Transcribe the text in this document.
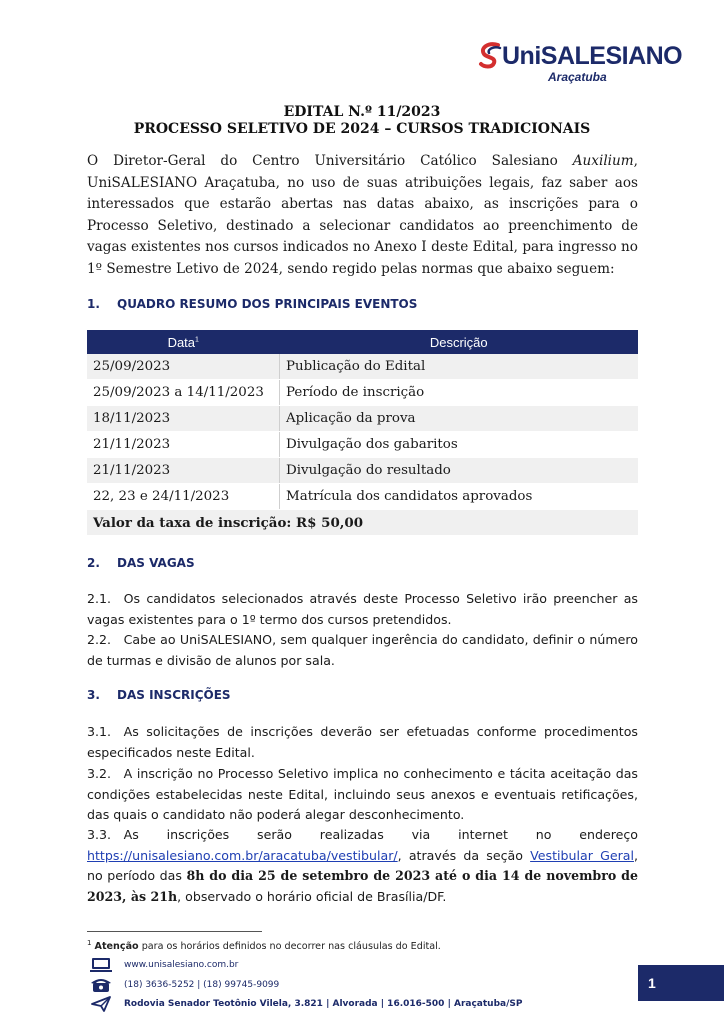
UniSALESIANO
Araçatuba
EDITAL N.º 11/2023
PROCESSO SELETIVO DE 2024 – CURSOS TRADICIONAIS
O Diretor-Geral do Centro Universitário Católico Salesiano Auxilium, UniSALESIANO Araçatuba, no uso de suas atribuições legais, faz saber aos interessados que estarão abertas nas datas abaixo, as inscrições para o Processo Seletivo, destinado a selecionar candidatos ao preenchimento de vagas existentes nos cursos indicados no Anexo I deste Edital, para ingresso no 1º Semestre Letivo de 2024, sendo regido pelas normas que abaixo seguem:
1. QUADRO RESUMO DOS PRINCIPAIS EVENTOS
Data$^1$	Descrição
25/09/2023	Publicação do Edital
25/09/2023 a 14/11/2023	Período de inscrição
18/11/2023	Aplicação da prova
21/11/2023	Divulgação dos gabaritos
21/11/2023	Divulgação do resultado
22, 23 e 24/11/2023	Matrícula dos candidatos aprovados
Valor da taxa de inscrição: R$ 50,00	
2. DAS VAGAS
2.1. Os candidatos selecionados através deste Processo Seletivo irão preencher as vagas existentes para o 1º termo dos cursos pretendidos.
2.2. Cabe ao UniSALESIANO, sem qualquer ingerência do candidato, definir o número de turmas e divisão de alunos por sala.
3. DAS INSCRIÇÕES
3.1. As solicitações de inscrições deverão ser efetuadas conforme procedimentos especificados neste Edital.
3.2. A inscrição no Processo Seletivo implica no conhecimento e tácita aceitação das condições estabelecidas neste Edital, incluindo seus anexos e eventuais retificações, das quais o candidato não poderá alegar desconhecimento.
3.3. As inscrições serão realizadas via internet no endereço https://unisalesiano.com.br/aracatuba/vestibular/, através da seção Vestibular Geral, no período das 8h do dia 25 de setembro de 2023 até o dia 14 de novembro de 2023, às 21h, observado o horário oficial de Brasília/DF.
$^1$ Atenção para os horários definidos no decorrer nas cláusulas do Edital.
www.unisalesiano.com.br
(18) 3636-5252 | (18) 99745-9099
Rodovia Senador Teotônio Vilela, 3.821 | Alvorada | 16.016-500 | Araçatuba/SP
1
